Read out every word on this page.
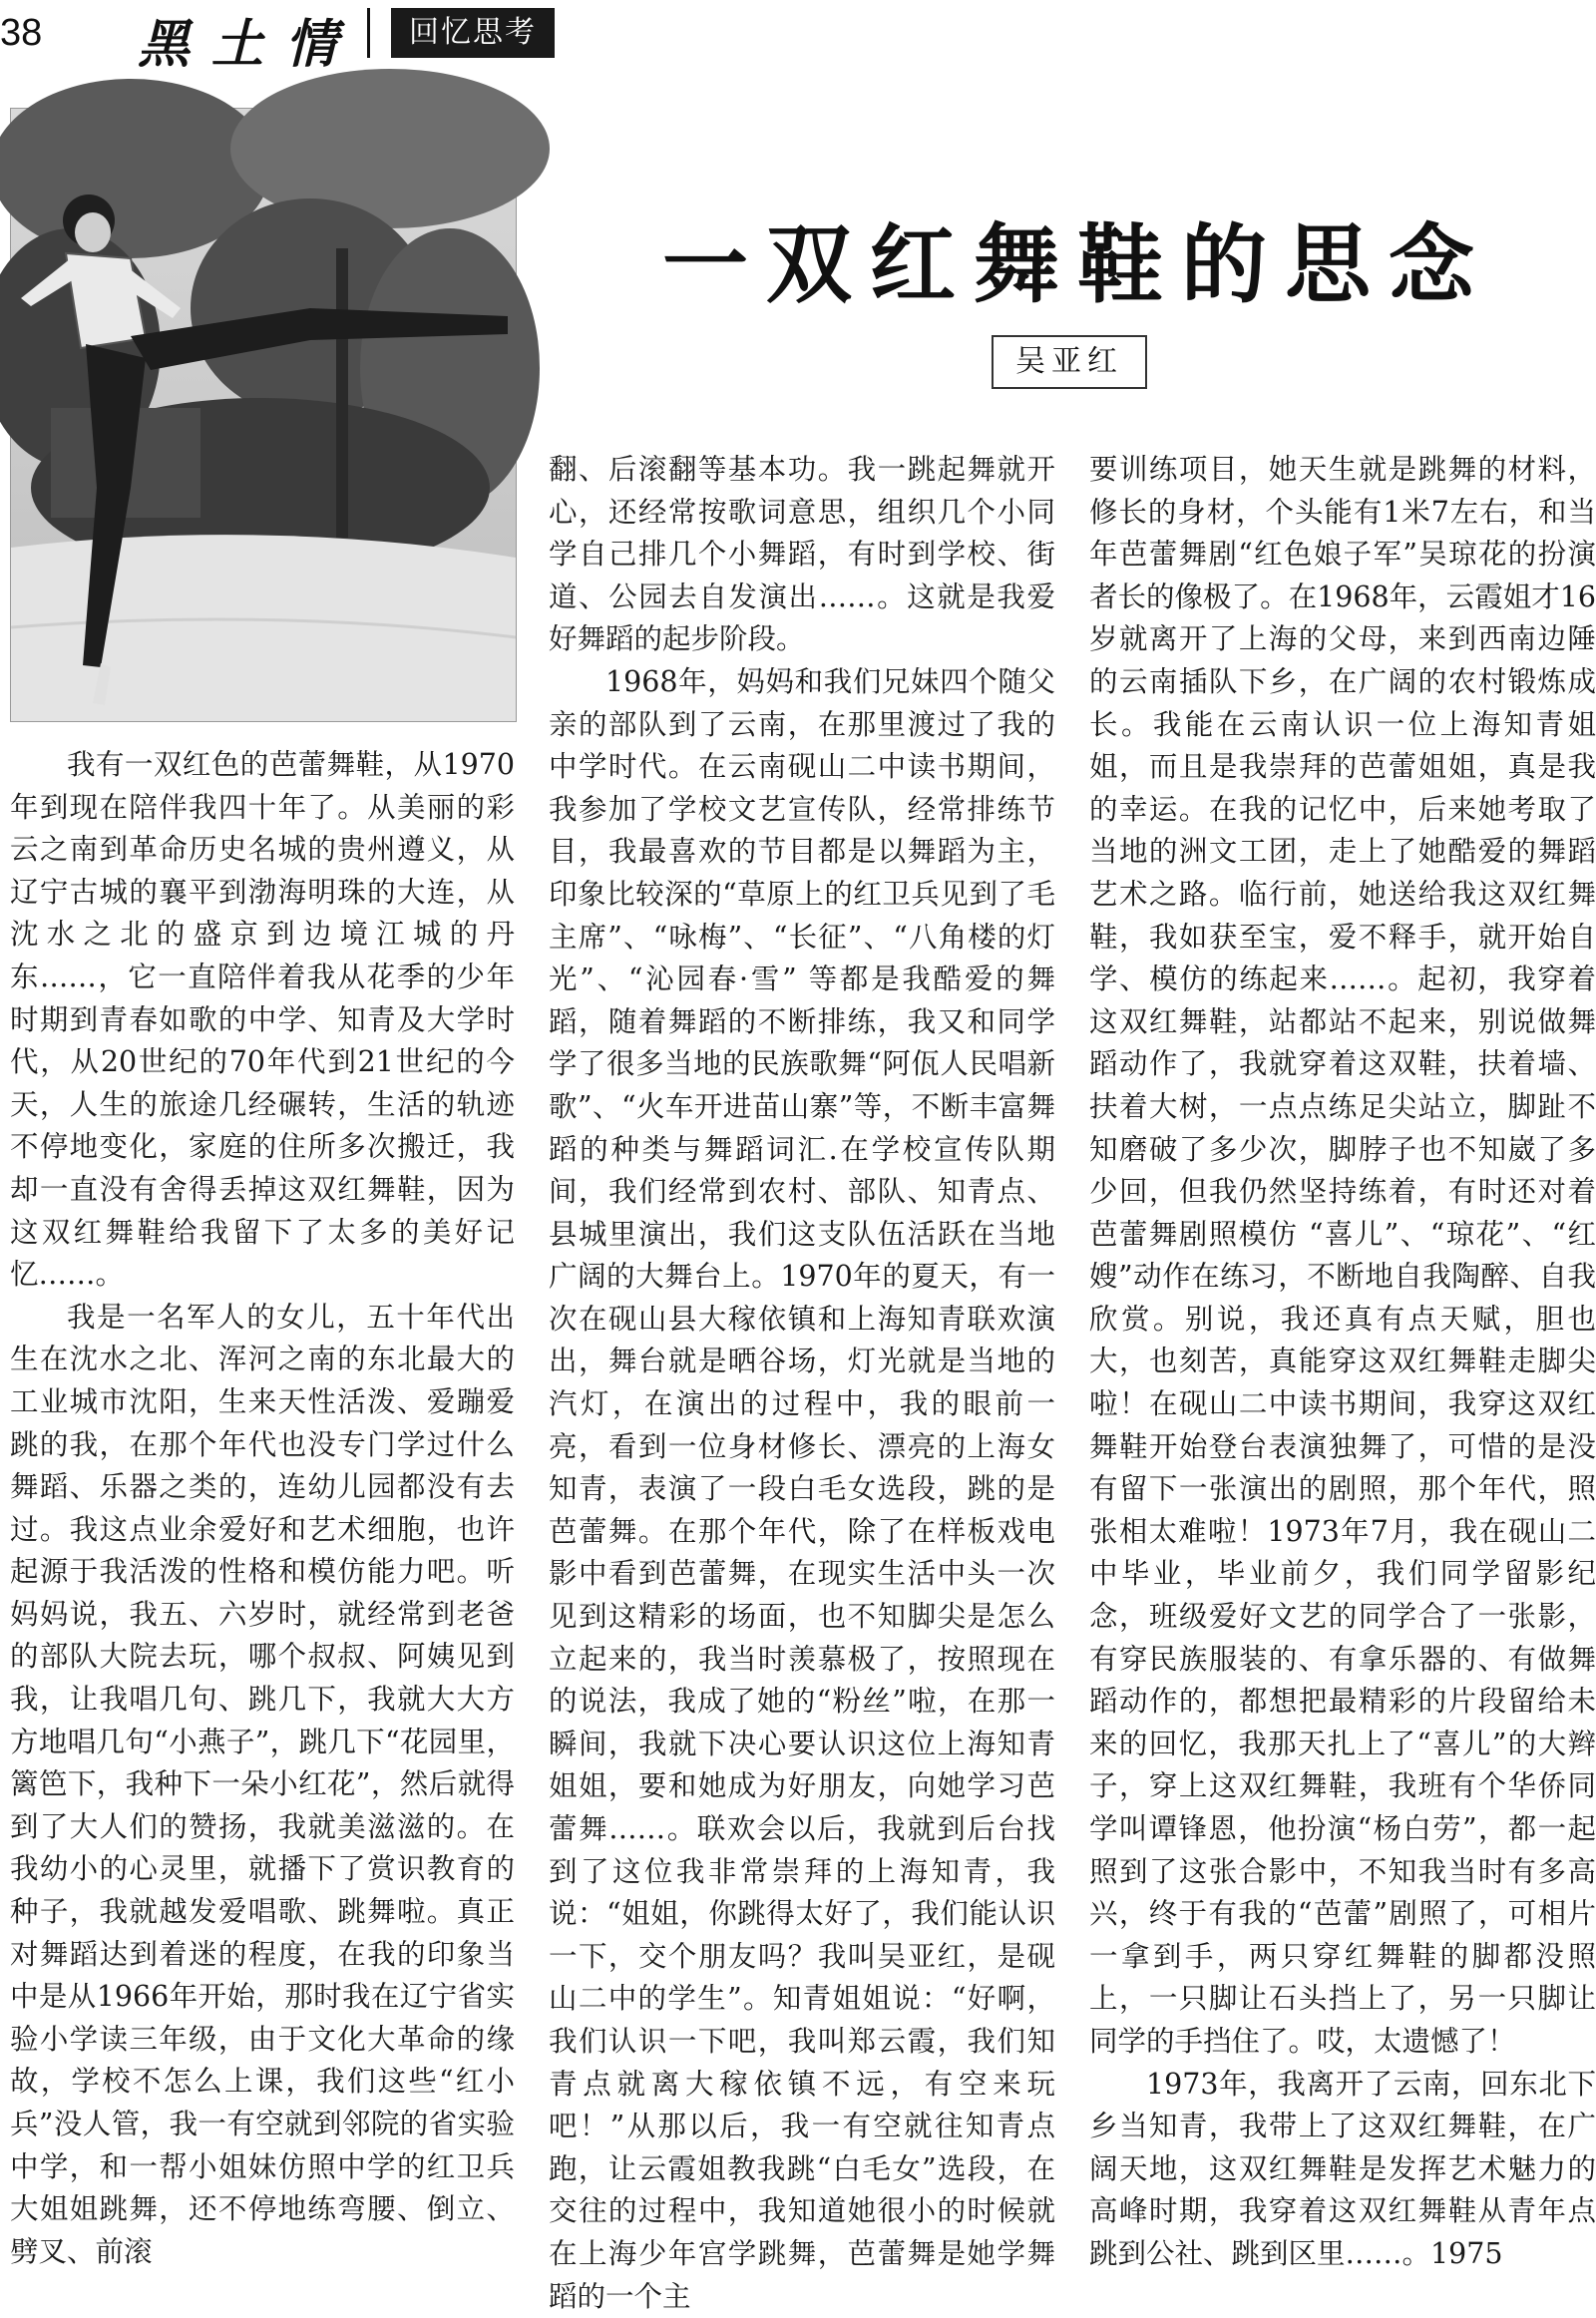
38 黑土情	回忆思考
一双红舞鞋的思念
吴亚红

我有一双红色的芭蕾舞鞋，从1970年到现在陪伴我四十年了。从美丽的彩云之南到革命历史名城的贵州遵义，从辽宁古城的襄平到渤海明珠的大连，从沈水之北的盛京到边境江城的丹东……，它一直陪伴着我从花季的少年时期到青春如歌的中学、知青及大学时代，从20世纪的70年代到21世纪的今天，人生的旅途几经碾转，生活的轨迹不停地变化，家庭的住所多次搬迁，我却一直没有舍得丢掉这双红舞鞋，因为这双红舞鞋给我留下了太多的美好记忆……。

我是一名军人的女儿，五十年代出生在沈水之北、浑河之南的东北最大的工业城市沈阳，生来天性活泼、爱蹦爱跳的我，在那个年代也没专门学过什么舞蹈、乐器之类的，连幼儿园都没有去过。我这点业余爱好和艺术细胞，也许起源于我活泼的性格和模仿能力吧。听妈妈说，我五、六岁时，就经常到老爸的部队大院去玩，哪个叔叔、阿姨见到我，让我唱几句、跳几下，我就大大方方地唱几句“小燕子”，跳几下“花园里，篱笆下，我种下一朵小红花”，然后就得到了大人们的赞扬，我就美滋滋的。在我幼小的心灵里，就播下了赏识教育的种子，我就越发爱唱歌、跳舞啦。真正对舞蹈达到着迷的程度，在我的印象当中是从1966年开始，那时我在辽宁省实验小学读三年级，由于文化大革命的缘故，学校不怎么上课，我们这些“红小兵”没人管，我一有空就到邻院的省实验中学，和一帮小姐妹仿照中学的红卫兵大姐姐跳舞，还不停地练弯腰、倒立、劈叉、前滚

翻、后滚翻等基本功。我一跳起舞就开心，还经常按歌词意思，组织几个小同学自己排几个小舞蹈，有时到学校、街道、公园去自发演出……。这就是我爱好舞蹈的起步阶段。

1968年，妈妈和我们兄妹四个随父亲的部队到了云南，在那里渡过了我的中学时代。在云南砚山二中读书期间，我参加了学校文艺宣传队，经常排练节目，我最喜欢的节目都是以舞蹈为主，印象比较深的“草原上的红卫兵见到了毛主席”、“咏梅”、“长征”、“八角楼的灯光”、“沁园春·雪” 等都是我酷爱的舞蹈，随着舞蹈的不断排练，我又和同学学了很多当地的民族歌舞“阿佤人民唱新歌”、“火车开进苗山寨”等，不断丰富舞蹈的种类与舞蹈词汇.在学校宣传队期间，我们经常到农村、部队、知青点、县城里演出，我们这支队伍活跃在当地广阔的大舞台上。1970年的夏天，有一次在砚山县大稼依镇和上海知青联欢演出，舞台就是晒谷场，灯光就是当地的汽灯，在演出的过程中，我的眼前一亮，看到一位身材修长、漂亮的上海女知青，表演了一段白毛女选段，跳的是芭蕾舞。在那个年代，除了在样板戏电影中看到芭蕾舞，在现实生活中头一次见到这精彩的场面，也不知脚尖是怎么立起来的，我当时羡慕极了，按照现在的说法，我成了她的“粉丝”啦，在那一瞬间，我就下决心要认识这位上海知青姐姐，要和她成为好朋友，向她学习芭蕾舞……。联欢会以后，我就到后台找到了这位我非常崇拜的上海知青，我说：“姐姐，你跳得太好了，我们能认识一下，交个朋友吗？我叫吴亚红，是砚山二中的学生”。知青姐姐说：“好啊，我们认识一下吧，我叫郑云霞，我们知青点就离大稼依镇不远，有空来玩吧！”从那以后，我一有空就往知青点跑，让云霞姐教我跳“白毛女”选段，在交往的过程中，我知道她很小的时候就在上海少年宫学跳舞，芭蕾舞是她学舞蹈的一个主

要训练项目，她天生就是跳舞的材料，修长的身材，个头能有1米7左右，和当年芭蕾舞剧“红色娘子军”吴琼花的扮演者长的像极了。在1968年，云霞姐才16岁就离开了上海的父母，来到西南边陲的云南插队下乡，在广阔的农村锻炼成长。我能在云南认识一位上海知青姐姐，而且是我崇拜的芭蕾姐姐，真是我的幸运。在我的记忆中，后来她考取了当地的洲文工团，走上了她酷爱的舞蹈艺术之路。临行前，她送给我这双红舞鞋，我如获至宝，爱不释手，就开始自学、模仿的练起来……。起初，我穿着这双红舞鞋，站都站不起来，别说做舞蹈动作了，我就穿着这双鞋，扶着墙、扶着大树，一点点练足尖站立，脚趾不知磨破了多少次，脚脖子也不知崴了多少回，但我仍然坚持练着，有时还对着芭蕾舞剧照模仿 “喜儿”、“琼花”、“红嫂”动作在练习，不断地自我陶醉、自我欣赏。别说，我还真有点天赋，胆也大，也刻苦，真能穿这双红舞鞋走脚尖啦！在砚山二中读书期间，我穿这双红舞鞋开始登台表演独舞了，可惜的是没有留下一张演出的剧照，那个年代，照张相太难啦！1973年7月，我在砚山二中毕业，毕业前夕，我们同学留影纪念，班级爱好文艺的同学合了一张影，有穿民族服装的、有拿乐器的、有做舞蹈动作的，都想把最精彩的片段留给未来的回忆，我那天扎上了“喜儿”的大辫子，穿上这双红舞鞋，我班有个华侨同学叫谭锋恩，他扮演“杨白劳”，都一起照到了这张合影中，不知我当时有多高兴，终于有我的“芭蕾”剧照了，可相片一拿到手，两只穿红舞鞋的脚都没照上，一只脚让石头挡上了，另一只脚让同学的手挡住了。哎，太遗憾了！

1973年，我离开了云南，回东北下乡当知青，我带上了这双红舞鞋，在广阔天地，这双红舞鞋是发挥艺术魅力的高峰时期，我穿着这双红舞鞋从青年点跳到公社、跳到区里……。1975
